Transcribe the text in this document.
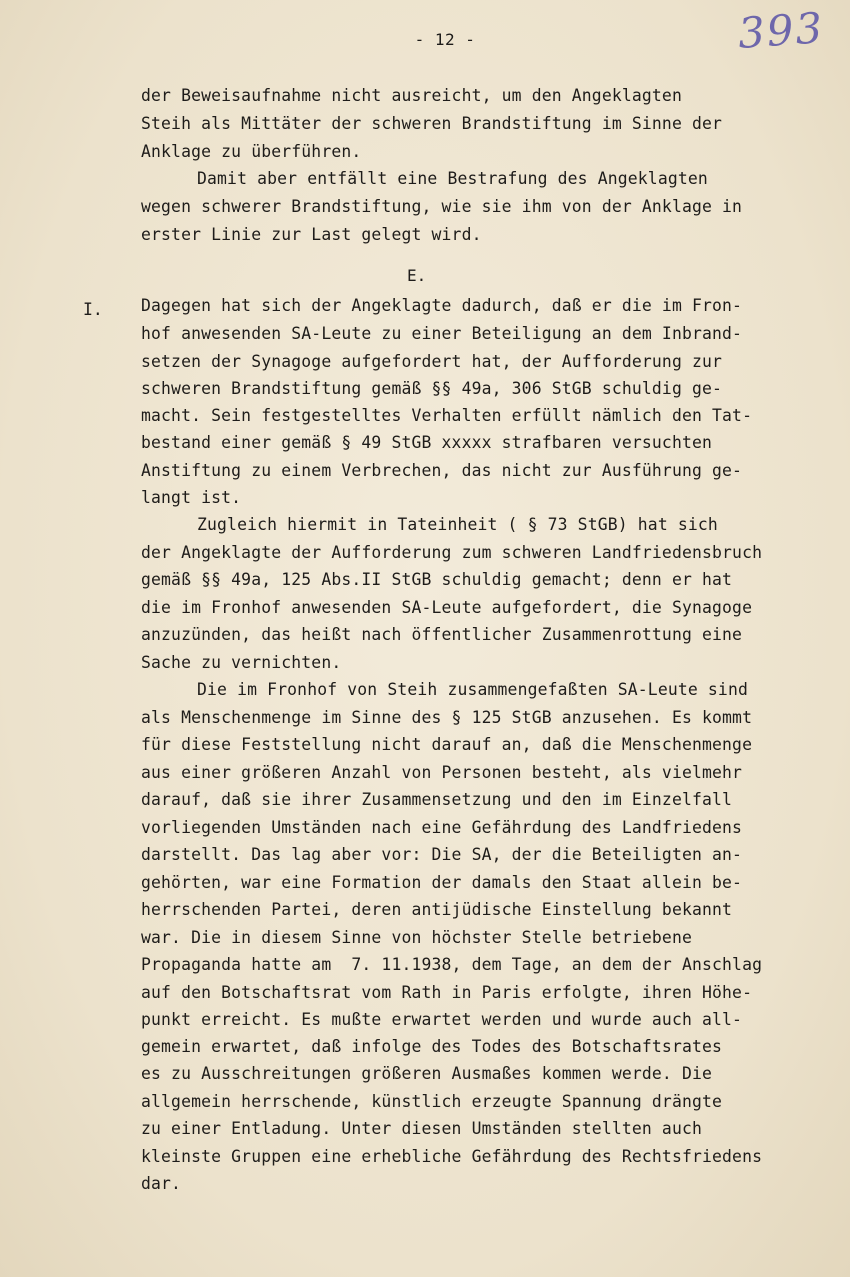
- 12 -	393
der Beweisaufnahme nicht ausreicht, um den Angeklagten
Steih als Mittäter der schweren Brandstiftung im Sinne der
Anklage zu überführen.
Damit aber entfällt eine Bestrafung des Angeklagten
wegen schwerer Brandstiftung, wie sie ihm von der Anklage in
erster Linie zur Last gelegt wird.
E.
I. Dagegen hat sich der Angeklagte dadurch, daß er die im Fron-
hof anwesenden SA-Leute zu einer Beteiligung an dem Inbrand-
setzen der Synagoge aufgefordert hat, der Aufforderung zur
schweren Brandstiftung gemäß §§ 49a, 306 StGB schuldig ge-
macht. Sein festgestelltes Verhalten erfüllt nämlich den Tat-
bestand einer gemäß § 49 StGB xxxxx strafbaren versuchten
Anstiftung zu einem Verbrechen, das nicht zur Ausführung ge-
langt ist.
Zugleich hiermit in Tateinheit ( § 73 StGB) hat sich
der Angeklagte der Aufforderung zum schweren Landfriedensbruch
gemäß §§ 49a, 125 Abs.II StGB schuldig gemacht; denn er hat
die im Fronhof anwesenden SA-Leute aufgefordert, die Synagoge
anzuzünden, das heißt nach öffentlicher Zusammenrottung eine
Sache zu vernichten.
Die im Fronhof von Steih zusammengefaßten SA-Leute sind
als Menschenmenge im Sinne des § 125 StGB anzusehen. Es kommt
für diese Feststellung nicht darauf an, daß die Menschenmenge
aus einer größeren Anzahl von Personen besteht, als vielmehr
darauf, daß sie ihrer Zusammensetzung und den im Einzelfall
vorliegenden Umständen nach eine Gefährdung des Landfriedens
darstellt. Das lag aber vor: Die SA, der die Beteiligten an-
gehörten, war eine Formation der damals den Staat allein be-
herrschenden Partei, deren antijüdische Einstellung bekannt
war. Die in diesem Sinne von höchster Stelle betriebene
Propaganda hatte am  7. 11.1938, dem Tage, an dem der Anschlag
auf den Botschaftsrat vom Rath in Paris erfolgte, ihren Höhe-
punkt erreicht. Es mußte erwartet werden und wurde auch all-
gemein erwartet, daß infolge des Todes des Botschaftsrates
es zu Ausschreitungen größeren Ausmaßes kommen werde. Die
allgemein herrschende, künstlich erzeugte Spannung drängte
zu einer Entladung. Unter diesen Umständen stellten auch
kleinste Gruppen eine erhebliche Gefährdung des Rechtsfriedens
dar.
